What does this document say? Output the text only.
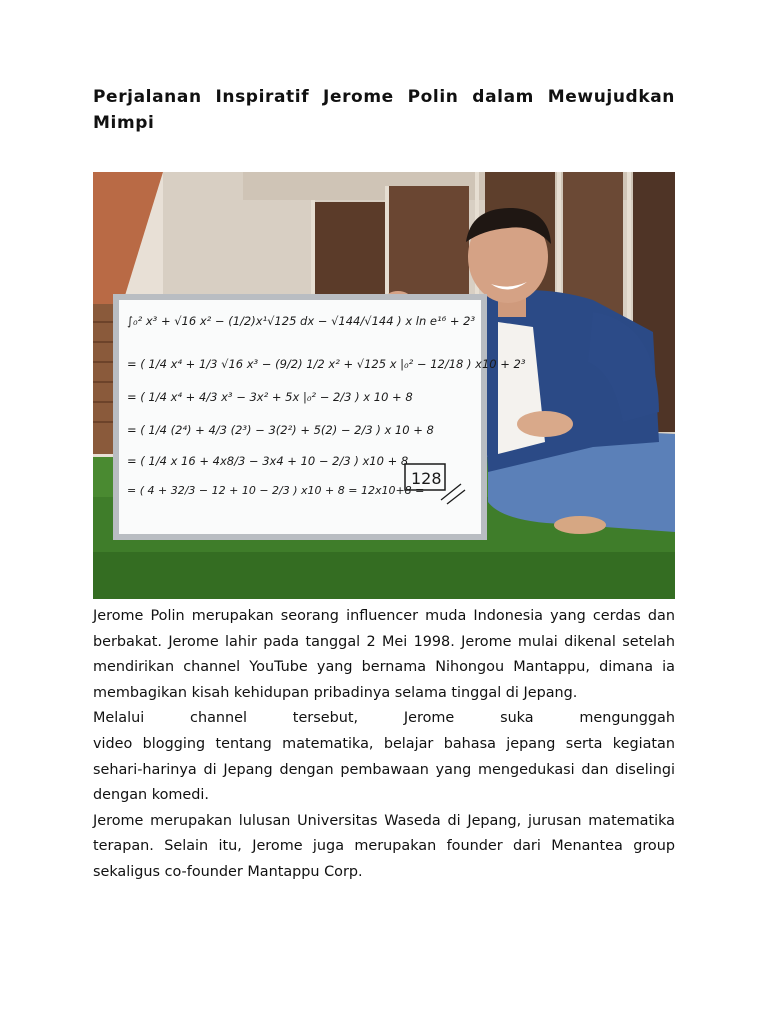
Perjalanan Inspiratif Jerome Polin dalam Mewujudkan Mimpi
∫₀² x³ + √16 x² − (1/2)x¹√125 dx − √144/√144 ) x ln e¹⁶ + 2³
= ( 1/4 x⁴ + 1/3 √16 x³ − (9/2) 1/2 x² + √125 x |₀² − 12/18 ) x10 + 2³
= ( 1/4 x⁴ + 4/3 x³ − 3x² + 5x |₀² − 2/3 ) x 10 + 8
= ( 1/4 (2⁴) + 4/3 (2³) − 3(2²) + 5(2) − 2/3 ) x 10 + 8
= ( 1/4 x 16 + 4x8/3 − 3x4 + 10 − 2/3 ) x10 + 8
= ( 4 + 32/3 − 12 + 10 − 2/3 ) x10 + 8 = 12x10+8 =
128

Jerome Polin merupakan seorang influencer muda Indonesia yang cerdas dan berbakat. Jerome lahir pada tanggal 2 Mei 1998. Jerome mulai dikenal setelah mendirikan channel YouTube yang bernama Nihongou Mantappu, dimana ia membagikan kisah kehidupan pribadinya selama tinggal di Jepang.

Melalui channel tersebut, Jerome suka mengunggah

video blogging tentang matematika, belajar bahasa jepang serta kegiatan sehari-harinya di Jepang dengan pembawaan yang mengedukasi dan diselingi dengan komedi.

Jerome merupakan lulusan Universitas Waseda di Jepang, jurusan matematika terapan. Selain itu, Jerome juga merupakan founder dari Menantea group sekaligus co-founder Mantappu Corp.
